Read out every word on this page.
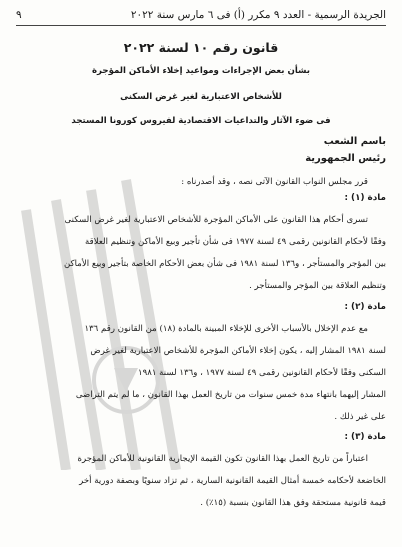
الجريدة الرسمية - العدد ٩ مكرر (أ) فى ٦ مارس سنة ٢٠٢٢
٩
قانون رقم ١٠ لسنة ٢٠٢٢
بشأن بعض الإجراءات ومواعيد إخلاء الأماكن المؤجرة
للأشخاص الاعتبارية لغير غرض السكنى
فى ضوء الآثار والتداعيات الاقتصادية لفيروس كورونا المستجد
باسم الشعب
رئيس الجمهورية
قرر مجلس النواب القانون الآتى نصه ، وقد أصدرناه :
مادة (١) :
تسرى أحكام هذا القانون على الأماكن المؤجرة للأشخاص الاعتبارية لغير غرض السكنى
وفقًا لأحكام القانونين رقمى ٤٩ لسنة ١٩٧٧ فى شأن تأجير وبيع الأماكن وتنظيم العلاقة
بين المؤجر والمستأجر ، و١٣٦ لسنة ١٩٨١ فى شأن بعض الأحكام الخاصة بتأجير وبيع الأماكن
وتنظيم العلاقة بين المؤجر والمستأجر .
مادة (٢) :
مع عدم الإخلال بالأسباب الأخرى للإخلاء المبينة بالمادة (١٨) من القانون رقم ١٣٦
لسنة ١٩٨١ المشار إليه ، يكون إخلاء الأماكن المؤجرة للأشخاص الاعتبارية لغير غرض
السكنى وفقًا لأحكام القانونين رقمى ٤٩ لسنة ١٩٧٧ ، و١٣٦ لسنة ١٩٨١
المشار إليهما بانتهاء مدة خمس سنوات من تاريخ العمل بهذا القانون ، ما لم يتم التراضى
على غير ذلك .
مادة (٣) :
اعتباراً من تاريخ العمل بهذا القانون تكون القيمة الإيجارية القانونية للأماكن المؤجرة
الخاضعة لأحكامه خمسة أمثال القيمة القانونية السارية ، ثم تزاد سنويًا وبصفة دورية أخر
قيمة قانونية مستحقة وفق هذا القانون بنسبة (١٥٪) .
